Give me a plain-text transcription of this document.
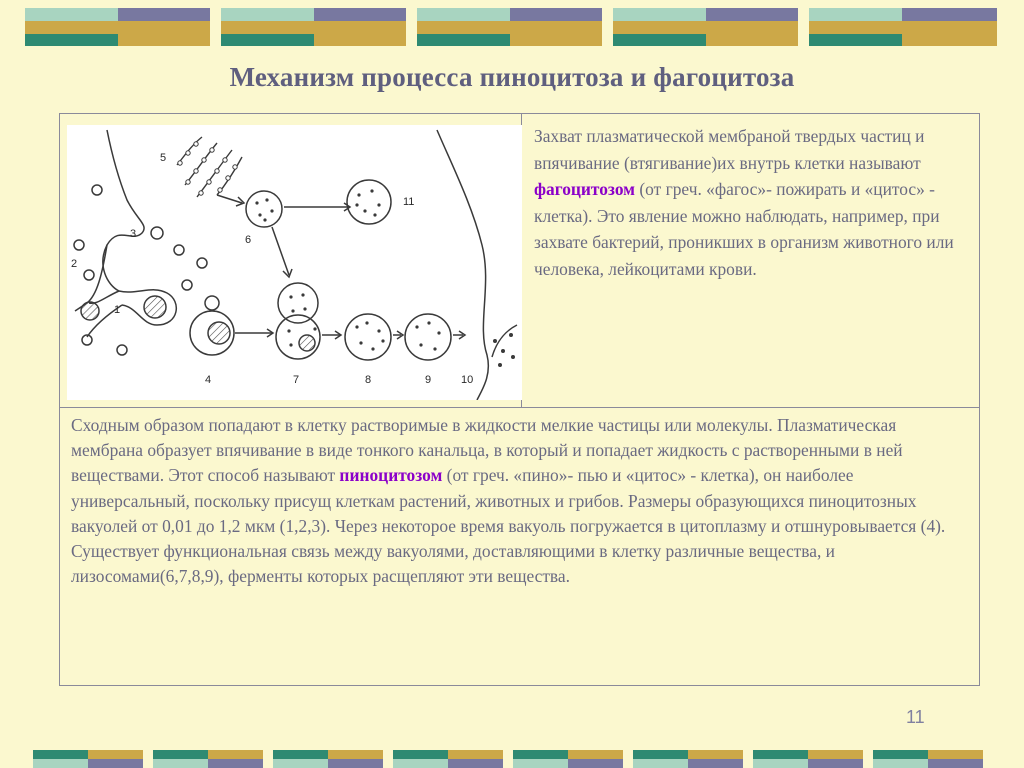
Механизм процесса пиноцитоза и фагоцитоза
1
2
3
4
5
6
7	8	9	10
11
Захват плазматической мембраной твердых частиц и впячивание (втягивание)их внутрь клетки называют фагоцитозом (от греч. «фагос»- пожирать и «цитос» - клетка). Это явление можно наблюдать, например, при захвате бактерий, проникших в организм животного или человека, лейкоцитами крови.
Сходным образом попадают в клетку растворимые в жидкости мелкие частицы или молекулы. Плазматическая мембрана образует впячивание в виде тонкого канальца, в который и попадает жидкость с растворенными в ней веществами. Этот способ называют пиноцитозом (от греч. «пино»- пью и «цитос» - клетка), он наиболее универсальный, поскольку присущ клеткам растений, животных и грибов. Размеры образующихся пиноцитозных вакуолей от 0,01 до 1,2 мкм (1,2,3). Через некоторое время вакуоль погружается в цитоплазму и отшнуровывается (4). Существует функциональная связь между вакуолями, доставляющими в клетку различные вещества, и лизосомами(6,7,8,9), ферменты которых расщепляют эти вещества.
11
